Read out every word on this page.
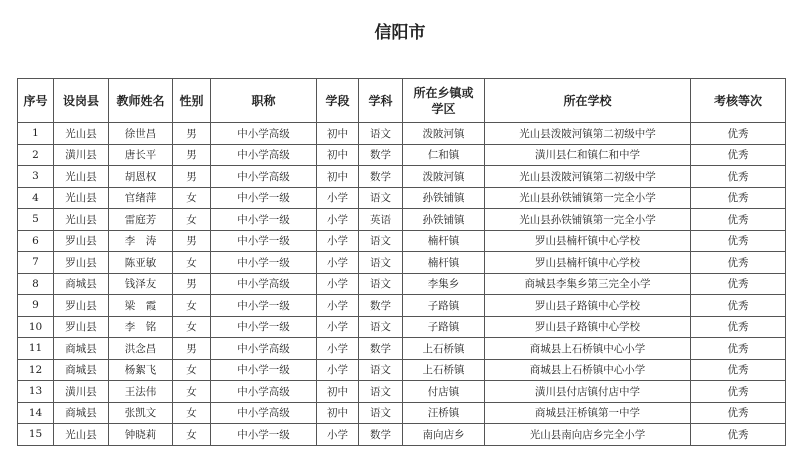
信阳市
序号	设岗县	教师姓名	性别	职称	学段	学科	所在乡镇或学区	所在学校	考核等次
1	光山县	徐世昌	男	中小学高级	初中	语文	泼陂河镇	光山县泼陂河镇第二初级中学	优秀
2	潢川县	唐长平	男	中小学高级	初中	数学	仁和镇	潢川县仁和镇仁和中学	优秀
3	光山县	胡恩权	男	中小学高级	初中	数学	泼陂河镇	光山县泼陂河镇第二初级中学	优秀
4	光山县	官绪萍	女	中小学一级	小学	语文	孙铁铺镇	光山县孙铁铺镇第一完全小学	优秀
5	光山县	雷庭芳	女	中小学一级	小学	英语	孙铁铺镇	光山县孙铁铺镇第一完全小学	优秀
6	罗山县	李　涛	男	中小学一级	小学	语文	楠杆镇	罗山县楠杆镇中心学校	优秀
7	罗山县	陈亚敏	女	中小学一级	小学	语文	楠杆镇	罗山县楠杆镇中心学校	优秀
8	商城县	钱泽友	男	中小学高级	小学	语文	李集乡	商城县李集乡第三完全小学	优秀
9	罗山县	梁　霞	女	中小学一级	小学	数学	子路镇	罗山县子路镇中心学校	优秀
10	罗山县	李　铭	女	中小学一级	小学	语文	子路镇	罗山县子路镇中心学校	优秀
11	商城县	洪念昌	男	中小学高级	小学	数学	上石桥镇	商城县上石桥镇中心小学	优秀
12	商城县	杨絮飞	女	中小学一级	小学	语文	上石桥镇	商城县上石桥镇中心小学	优秀
13	潢川县	王法伟	女	中小学高级	初中	语文	付店镇	潢川县付店镇付店中学	优秀
14	商城县	张凯文	女	中小学高级	初中	语文	汪桥镇	商城县汪桥镇第一中学	优秀
15	光山县	钟晓莉	女	中小学一级	小学	数学	南向店乡	光山县南向店乡完全小学	优秀
